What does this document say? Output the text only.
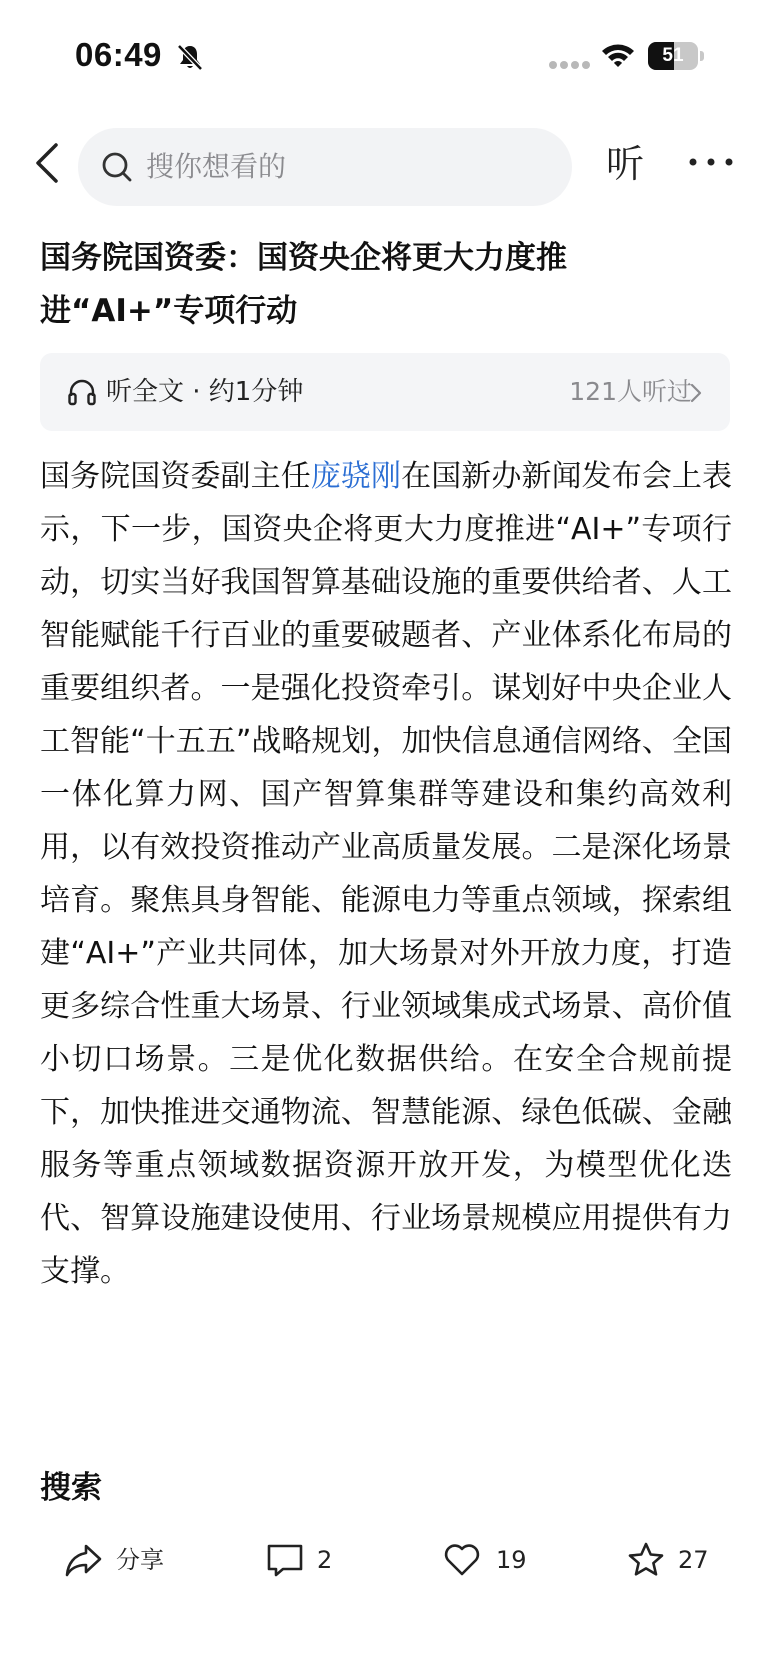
06:49	51
搜你想看的	听
国务院国资委：国资央企将更大力度推进“AI+”专项行动
听全文 · 约1分钟	121人听过
国务院国资委副主任庞骁刚在国新办新闻发布会上表示，下一步，国资央企将更大力度推进“AI+”专项行动，切实当好我国智算基础设施的重要供给者、人工智能赋能千行百业的重要破题者、产业体系化布局的重要组织者。一是强化投资牵引。谋划好中央企业人工智能“十五五”战略规划，加快信息通信网络、全国一体化算力网、国产智算集群等建设和集约高效利用，以有效投资推动产业高质量发展。二是深化场景培育。聚焦具身智能、能源电力等重点领域，探索组建“AI+”产业共同体，加大场景对外开放力度，打造更多综合性重大场景、行业领域集成式场景、高价值小切口场景。三是优化数据供给。在安全合规前提下，加快推进交通物流、智慧能源、绿色低碳、金融服务等重点领域数据资源开放开发，为模型优化迭代、智算设施建设使用、行业场景规模应用提供有力支撑。
搜索
分享	2	19	27
